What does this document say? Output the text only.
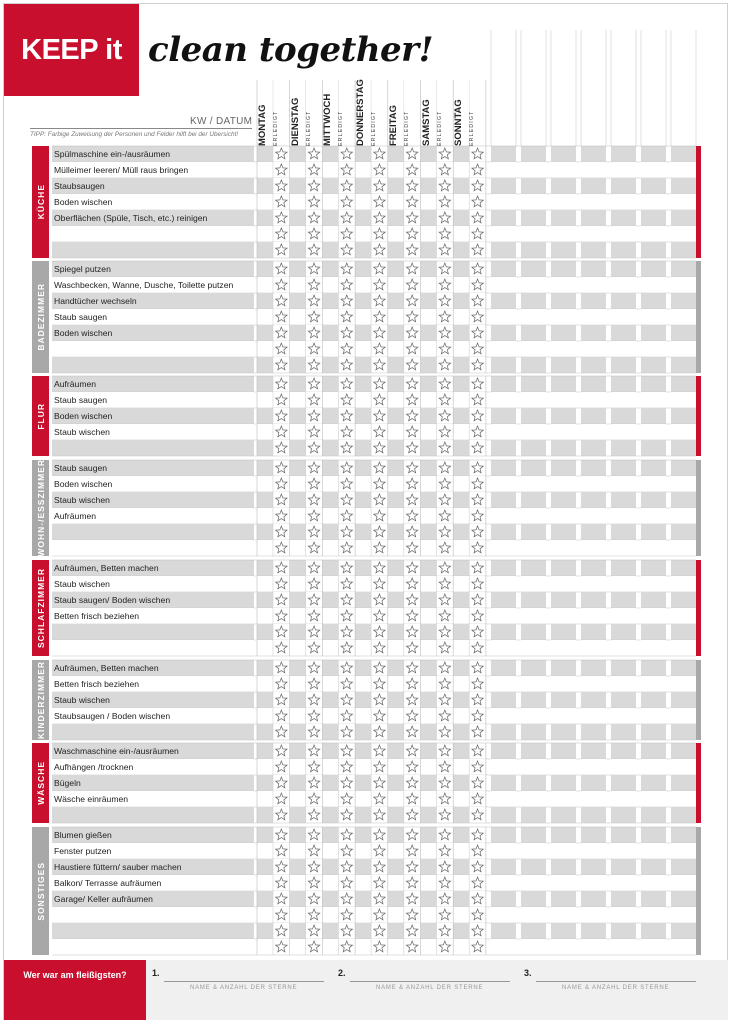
KEEP it clean together!
KW / DATUM
TIPP: Farbige Zuweisung der Personen und Felder hilft bei der Übersicht!	MONTAG ERLEDIGT DIENSTAG ERLEDIGT MITTWOCH ERLEDIGT DONNERSTAG ERLEDIGT FREITAG ERLEDIGT SAMSTAG ERLEDIGT SONNTAG ERLEDIGT
KÜCHE
Spülmaschine ein-/ausräumen
Mülleimer leeren/ Müll raus bringen
Staubsaugen
Boden wischen
Oberflächen (Spüle, Tisch, etc.) reinigen
BADEZIMMER
Spiegel putzen
Waschbecken, Wanne, Dusche, Toilette putzen
Handtücher wechseln
Staub saugen
Boden wischen
FLUR
Aufräumen
Staub saugen
Boden wischen
Staub wischen
WOHN-/ESSZIMMER Staub saugen
Boden wischen
Staub wischen
Aufräumen
SCHLAFZIMMER Aufräumen, Betten machen
Staub wischen
Staub saugen/ Boden wischen
Betten frisch beziehen
KINDERZIMMER Aufräumen, Betten machen
Betten frisch beziehen
Staub wischen
Staubsaugen / Boden wischen
WÄSCHE
Waschmaschine ein-/ausräumen
Aufhängen /trocknen
Bügeln
Wäsche einräumen
SONSTIGES
Blumen gießen
Fenster putzen
Haustiere füttern/ sauber machen
Balkon/ Terrasse aufräumen
Garage/ Keller aufräumen
Wer war am fleißigsten?	1.
NAME & ANZAHL DER STERNE
2.
NAME & ANZAHL DER STERNE
3.
NAME & ANZAHL DER STERNE
